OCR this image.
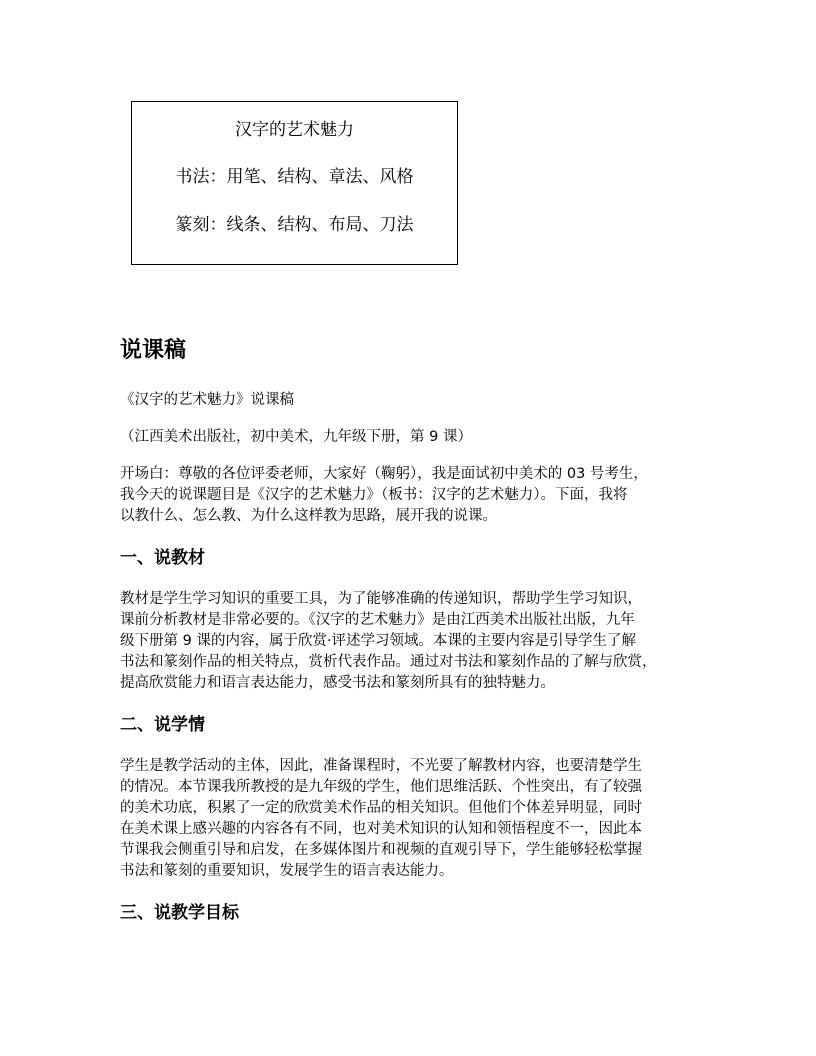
汉字的艺术魅力
书法：用笔、结构、章法、风格
篆刻：线条、结构、布局、刀法
说课稿

《汉字的艺术魅力》说课稿

（江西美术出版社，初中美术，九年级下册，第 9 课）

开场白：尊敬的各位评委老师，大家好（鞠躬），我是面试初中美术的 03 号考生，
我今天的说课题目是《汉字的艺术魅力》（板书：汉字的艺术魅力）。下面，我将
以教什么、怎么教、为什么这样教为思路，展开我的说课。
一、说教材
教材是学生学习知识的重要工具，为了能够准确的传递知识，帮助学生学习知识，
课前分析教材是非常必要的。《汉字的艺术魅力》是由江西美术出版社出版，九年
级下册第 9 课的内容，属于欣赏·评述学习领域。本课的主要内容是引导学生了解
书法和篆刻作品的相关特点，赏析代表作品。通过对书法和篆刻作品的了解与欣赏，
提高欣赏能力和语言表达能力，感受书法和篆刻所具有的独特魅力。
二、说学情
学生是教学活动的主体，因此，准备课程时，不光要了解教材内容，也要清楚学生
的情况。本节课我所教授的是九年级的学生，他们思维活跃、个性突出，有了较强
的美术功底，积累了一定的欣赏美术作品的相关知识。但他们个体差异明显，同时
在美术课上感兴趣的内容各有不同，也对美术知识的认知和领悟程度不一，因此本
节课我会侧重引导和启发，在多媒体图片和视频的直观引导下，学生能够轻松掌握
书法和篆刻的重要知识，发展学生的语言表达能力。
三、说教学目标
